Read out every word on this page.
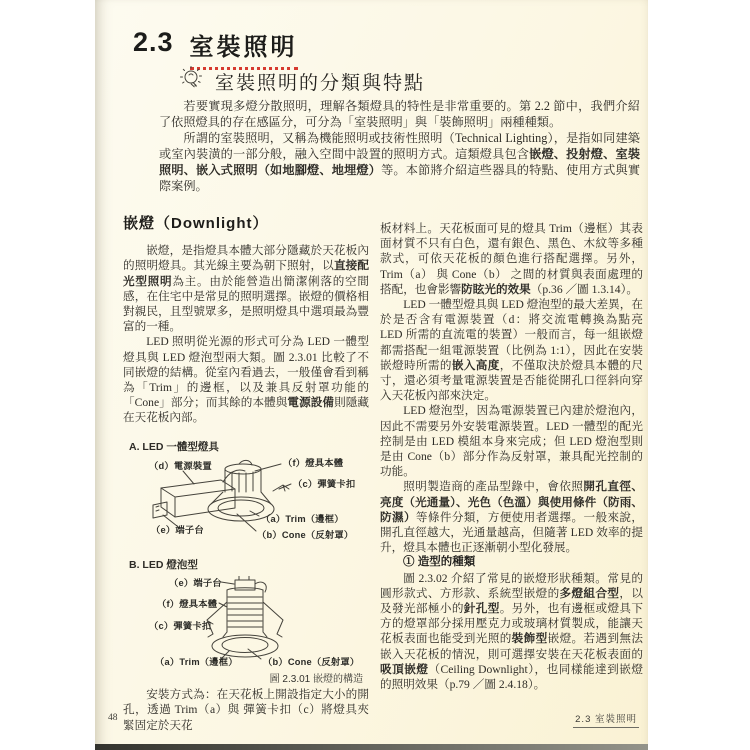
2.3 室裝照明
室裝照明的分類與特點

若要實現多燈分散照明，理解各類燈具的特性是非常重要的。第 2.2 節中，我們介紹了依照燈具的存在感區分，可分為「室裝照明」與「裝飾照明」兩種種類。

所謂的室裝照明，又稱為機能照明或技術性照明（Technical Lighting），是指如同建築或室內裝潢的一部分般，融入空間中設置的照明方式。這類燈具包含嵌燈、投射燈、室裝照明、嵌入式照明（如地腳燈、地埋燈）等。本節將介紹這些器具的特點、使用方式與實際案例。

嵌燈（Downlight）

嵌燈，是指燈具本體大部分隱藏於天花板內的照明燈具。其光線主要為朝下照射，以直接配光型照明為主。由於能營造出簡潔俐落的空間感，在住宅中是常見的照明選擇。嵌燈的價格相對親民，且型號眾多，是照明燈具中選項最為豐富的一種。

LED 照明從光源的形式可分為 LED 一體型燈具與 LED 燈泡型兩大類。圖 2.3.01 比較了不同嵌燈的結構。從室內看過去，一般僅會看到稱為「Trim」的邊框，以及兼具反射罩功能的「Cone」部分；而其餘的本體與電源設備則隱藏在天花板內部。

A. LED 一體型燈具
（d）電源裝置	（f）燈具本體
（c）彈簧卡扣
（a）Trim（邊框）
（b）Cone（反射罩）
（e）端子台
B. LED 燈泡型
（e）端子台
（f）燈具本體
（c）彈簧卡扣
（a）Trim（邊框）	（b）Cone（反射罩）
圖 2.3.01 嵌燈的構造

安裝方式為：在天花板上開設指定大小的開孔，透過 Trim（a）與 彈簧卡扣（c）將燈具夾緊固定於天花

板材料上。天花板面可見的燈具 Trim（邊框）其表面材質不只有白色，還有銀色、黑色、木紋等多種款式，可依天花板的顏色進行搭配選擇。另外，Trim（a） 與 Cone（b） 之間的材質與表面處理的搭配，也會影響防眩光的效果（p.36 ／圖 1.3.14）。

LED 一體型燈具與 LED 燈泡型的最大差異，在於是否含有電源裝置（d：將交流電轉換為點亮 LED 所需的直流電的裝置）一般而言，每一組嵌燈都需搭配一組電源裝置（比例為 1:1），因此在安裝嵌燈時所需的嵌入高度，不僅取決於燈具本體的尺寸，還必須考量電源裝置是否能從開孔口徑斜向穿入天花板內部來決定。

LED 燈泡型，因為電源裝置已內建於燈泡內，因此不需要另外安裝電源裝置。LED 一體型的配光控制是由 LED 模組本身來完成；但 LED 燈泡型則是由 Cone（b）部分作為反射罩，兼具配光控制的功能。

照明製造商的產品型錄中，會依照開孔直徑、亮度（光通量）、光色（色溫）與使用條件（防雨、防濕）等條件分類，方便使用者選擇。一般來說，開孔直徑越大，光通量越高，但隨著 LED 效率的提升，燈具本體也正逐漸朝小型化發展。

① 造型的種類

圖 2.3.02 介紹了常見的嵌燈形狀種類。常見的圓形款式、方形款、系統型嵌燈的多燈組合型，以及發光部極小的針孔型。另外，也有邊框或燈具下方的燈罩部分採用壓克力或玻璃材質製成，能讓天花板表面也能受到光照的裝飾型嵌燈。若遇到無法嵌入天花板的情況，則可選擇安裝在天花板表面的吸頂嵌燈（Ceiling Downlight），也同樣能達到嵌燈的照明效果（p.79 ／圖 2.4.18）。

48	2.3 室裝照明
